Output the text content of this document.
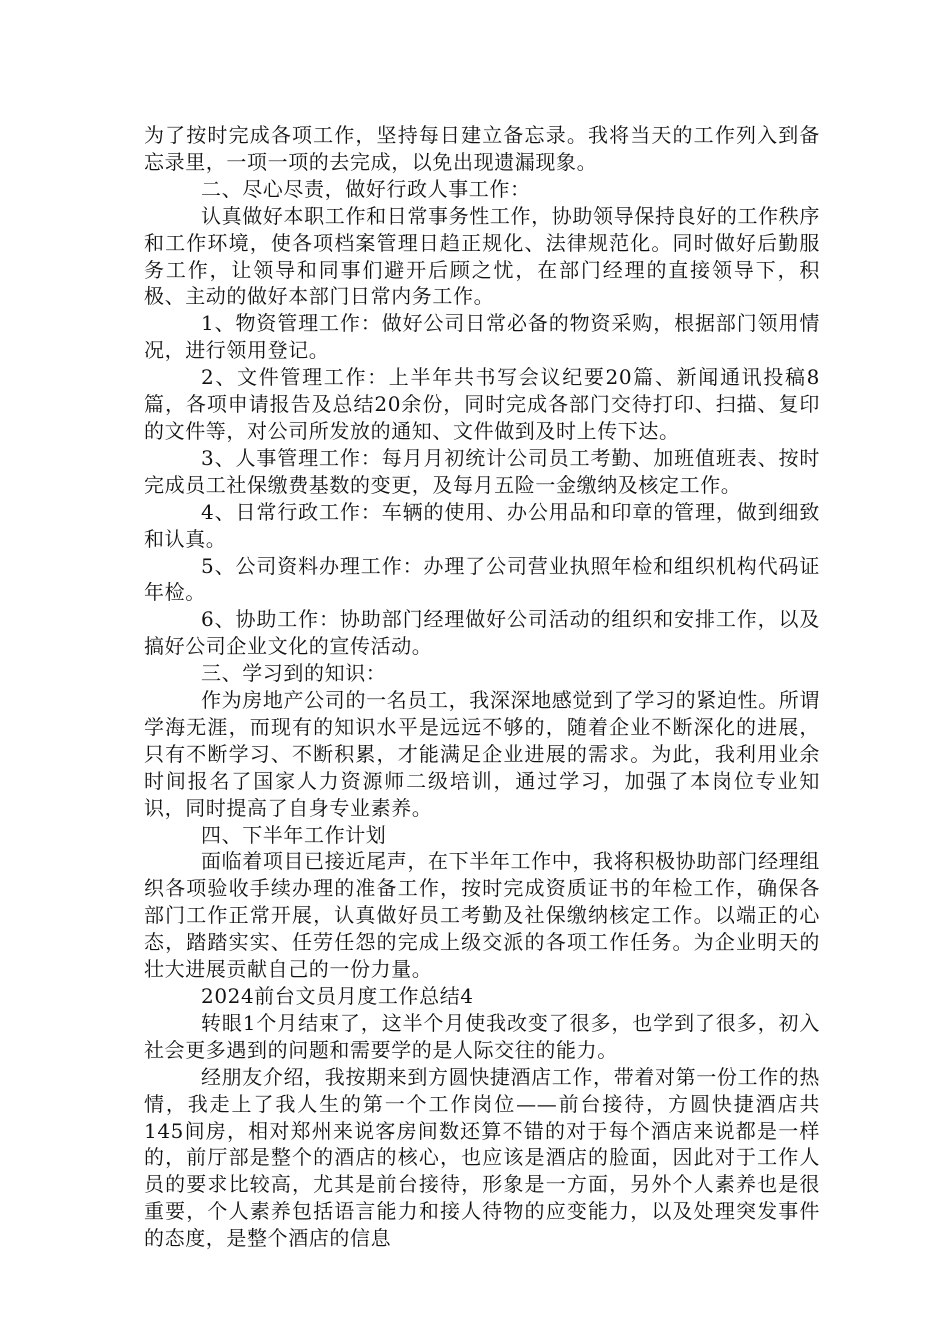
为了按时完成各项工作，坚持每日建立备忘录。我将当天的工作列入到备忘录里，一项一项的去完成，以免出现遗漏现象。

二、尽心尽责，做好行政人事工作：

认真做好本职工作和日常事务性工作，协助领导保持良好的工作秩序和工作环境，使各项档案管理日趋正规化、法律规范化。同时做好后勤服务工作，让领导和同事们避开后顾之忧，在部门经理的直接领导下，积极、主动的做好本部门日常内务工作。

1、物资管理工作：做好公司日常必备的物资采购，根据部门领用情况，进行领用登记。

2、文件管理工作：上半年共书写会议纪要20篇、新闻通讯投稿8篇，各项申请报告及总结20余份，同时完成各部门交待打印、扫描、复印的文件等，对公司所发放的通知、文件做到及时上传下达。

3、人事管理工作：每月月初统计公司员工考勤、加班值班表、按时完成员工社保缴费基数的变更，及每月五险一金缴纳及核定工作。

4、日常行政工作：车辆的使用、办公用品和印章的管理，做到细致和认真。

5、公司资料办理工作：办理了公司营业执照年检和组织机构代码证年检。

6、协助工作：协助部门经理做好公司活动的组织和安排工作，以及搞好公司企业文化的宣传活动。

三、学习到的知识：

作为房地产公司的一名员工，我深深地感觉到了学习的紧迫性。所谓学海无涯，而现有的知识水平是远远不够的，随着企业不断深化的进展，只有不断学习、不断积累，才能满足企业进展的需求。为此，我利用业余时间报名了国家人力资源师二级培训，通过学习，加强了本岗位专业知识，同时提高了自身专业素养。

四、下半年工作计划

面临着项目已接近尾声，在下半年工作中，我将积极协助部门经理组织各项验收手续办理的准备工作，按时完成资质证书的年检工作，确保各部门工作正常开展，认真做好员工考勤及社保缴纳核定工作。以端正的心态，踏踏实实、任劳任怨的完成上级交派的各项工作任务。为企业明天的壮大进展贡献自己的一份力量。

2024前台文员月度工作总结4

转眼1个月结束了，这半个月使我改变了很多，也学到了很多，初入社会更多遇到的问题和需要学的是人际交往的能力。

经朋友介绍，我按期来到方圆快捷酒店工作，带着对第一份工作的热情，我走上了我人生的第一个工作岗位——前台接待，方圆快捷酒店共145间房，相对郑州来说客房间数还算不错的对于每个酒店来说都是一样的，前厅部是整个的酒店的核心，也应该是酒店的脸面，因此对于工作人员的要求比较高，尤其是前台接待，形象是一方面，另外个人素养也是很重要，个人素养包括语言能力和接人待物的应变能力，以及处理突发事件的态度，是整个酒店的信息
